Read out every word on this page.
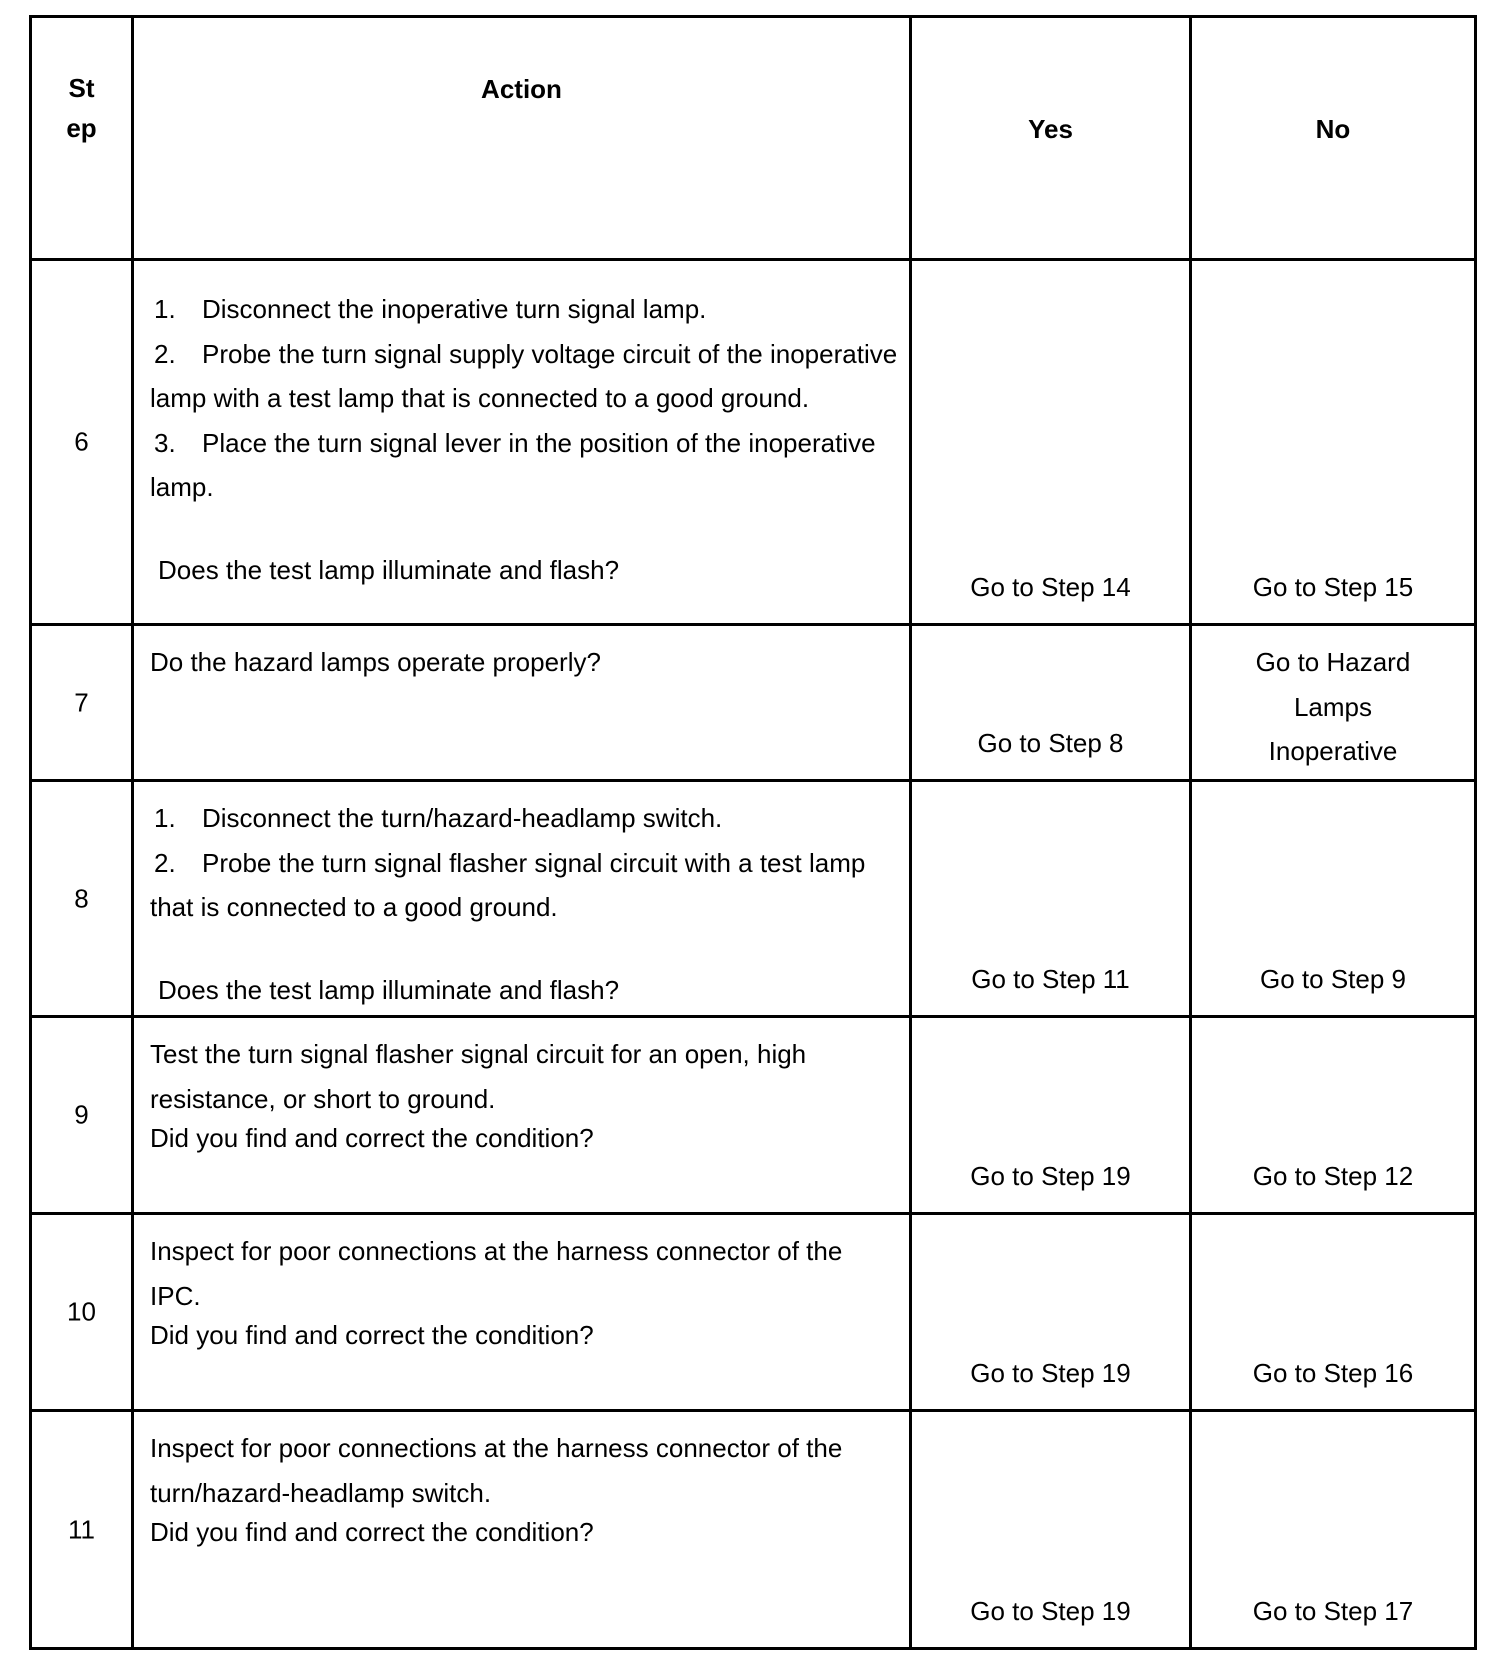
St
ep	Action	Yes	No

6	1. Disconnect the inoperative turn signal lamp.
2. Probe the turn signal supply voltage circuit of the inoperative lamp with a test lamp that is connected to a good ground.
3. Place the turn signal lever in the position of the inoperative lamp.
Does the test lamp illuminate and flash?	Go to Step 14	Go to Step 15

7	Do the hazard lamps operate properly?	Go to Step 8	Go to Hazard
Lamps
Inoperative

8	1. Disconnect the turn/hazard-headlamp switch.
2. Probe the turn signal flasher signal circuit with a test lamp that is connected to a good ground.
Does the test lamp illuminate and flash?	Go to Step 11	Go to Step 9

9	Test the turn signal flasher signal circuit for an open, high resistance, or short to ground.
Did you find and correct the condition?	Go to Step 19	Go to Step 12

10	Inspect for poor connections at the harness connector of the IPC.
Did you find and correct the condition?	Go to Step 19	Go to Step 16

11	Inspect for poor connections at the harness connector of the turn/hazard-headlamp switch.
Did you find and correct the condition?	Go to Step 19	Go to Step 17
